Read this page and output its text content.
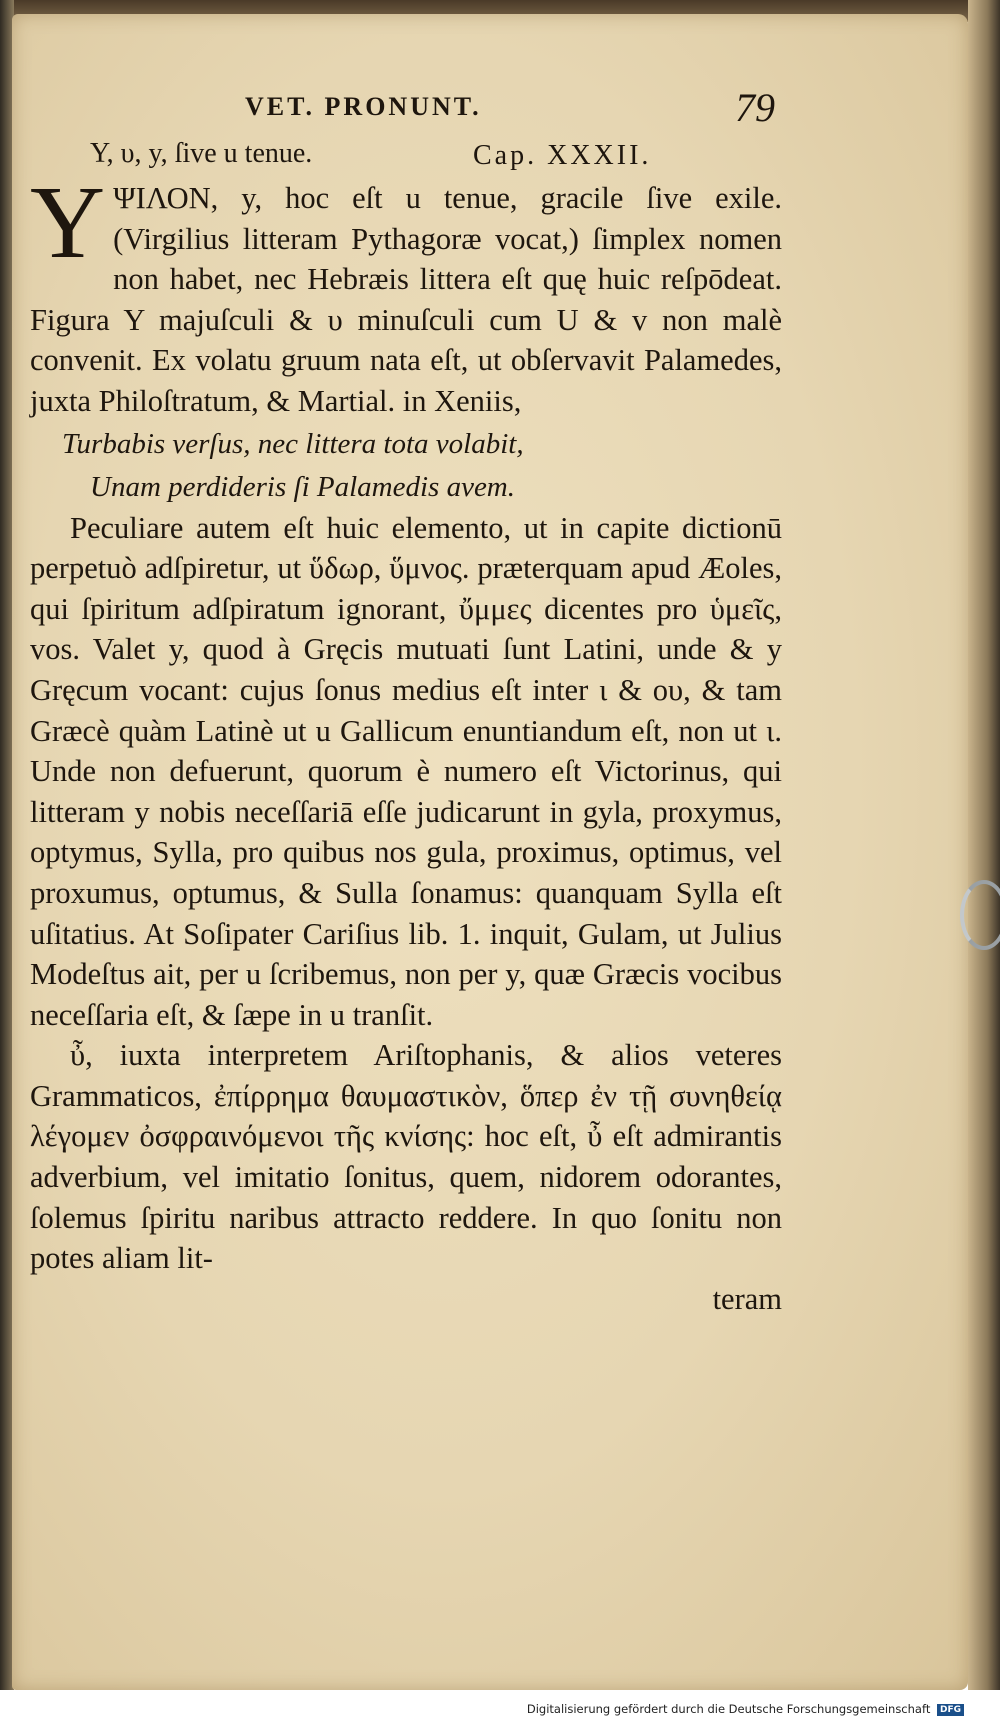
VET. PRONUNT.	79
Υ, υ, y, ſive u tenue.	Cap. XXXII.

YΨΙΛΟΝ, y, hoc eſt u tenue, gracile ſive exile. (Virgilius litteram Pythagoræ vocat,) ſimplex nomen non habet, nec Hebræis littera eſt quę huic reſpōdeat. Figura Y majuſculi & υ minuſculi cum U & v non malè convenit. Ex volatu gruum nata eſt, ut obſervavit Palamedes, juxta Philoſtratum, & Martial. in Xeniis,

Turbabis verſus, nec littera tota volabit,
Unam perdideris ſi Palamedis avem.

Peculiare autem eſt huic elemento, ut in capite dictionū perpetuò adſpiretur, ut ὕδωρ, ὕμνος. præterquam apud Æoles, qui ſpiritum adſpiratum ignorant, ὔμμες dicentes pro ὑμεῖς, vos. Valet y, quod à Gręcis mutuati ſunt Latini, unde & y Gręcum vocant: cujus ſonus medius eſt inter ι & ου, & tam Græcè quàm Latinè ut u Gallicum enuntiandum eſt, non ut ι. Unde non defuerunt, quorum è numero eſt Victorinus, qui litteram y nobis neceſſariā eſſe judicarunt in gyla, proxymus, optymus, Sylla, pro quibus nos gula, proximus, optimus, vel proxumus, optumus, & Sulla ſonamus: quanquam Sylla eſt uſitatius. At Soſipater Cariſius lib. 1. inquit, Gulam, ut Julius Modeſtus ait, per u ſcribemus, non per y, quæ Græcis vocibus neceſſaria eſt, & ſæpe in u tranſit.

ὖ, iuxta interpretem Ariſtophanis, & alios veteres Grammaticos, ἐπίρρημα θαυμαστικὸν, ὅπερ ἐν τῇ συνηθείᾳ λέγομεν ὀσφραινόμενοι τῆς κνίσης: hoc eſt, ὖ eſt admirantis adverbium, vel imitatio ſonitus, quem, nidorem odorantes, ſolemus ſpiritu naribus attracto reddere. In quo ſonitu non potes aliam lit-

teram
Digitalisierung gefördert durch die Deutsche Forschungsgemeinschaft DFG
